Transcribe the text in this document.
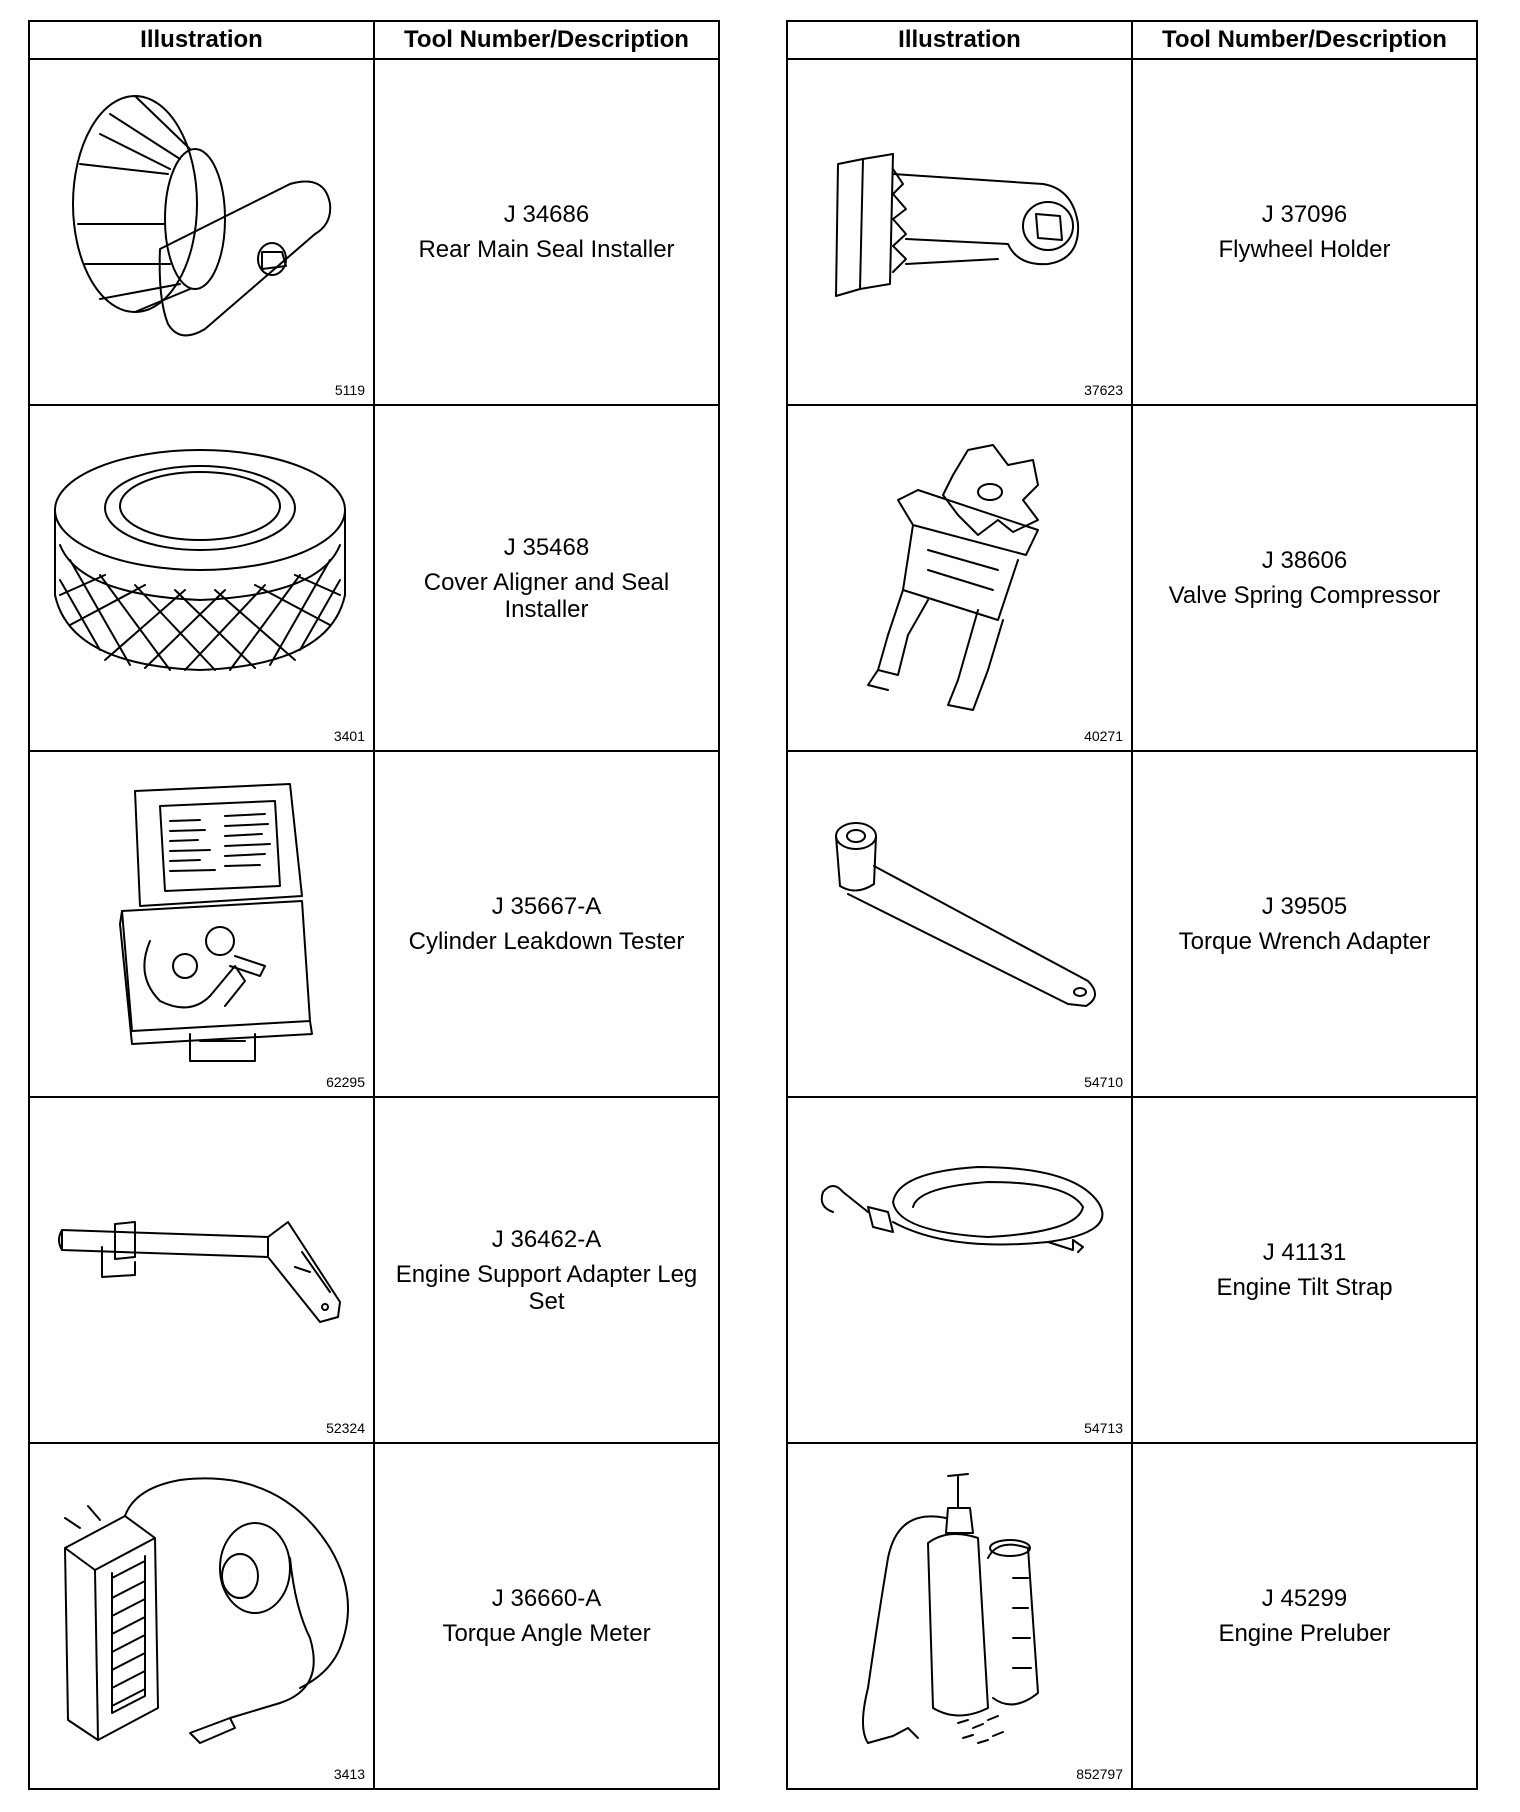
Illustration	Tool Number/Description

5119	J 34686
Rear Main Seal Installer

3401	J 35468
Cover Aligner and Seal Installer

62295	J 35667-A
Cylinder Leakdown Tester

52324	J 36462-A
Engine Support Adapter Leg Set

3413	J 36660-A
Torque Angle Meter
Illustration	Tool Number/Description

37623	J 37096
Flywheel Holder

40271	J 38606
Valve Spring Compressor

54710	J 39505
Torque Wrench Adapter

54713	J 41131
Engine Tilt Strap

852797	J 45299
Engine Preluber
